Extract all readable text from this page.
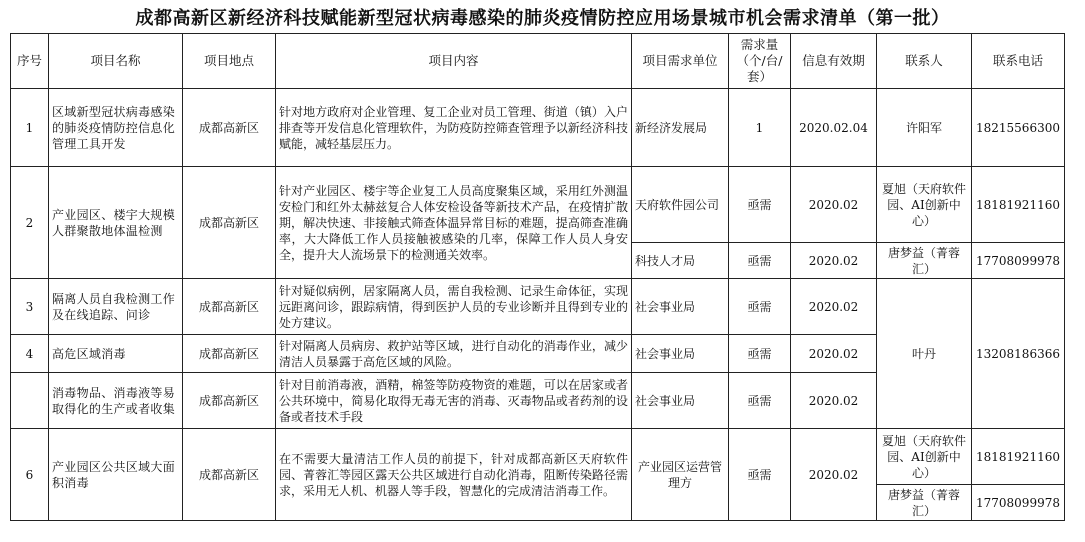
成都高新区新经济科技赋能新型冠状病毒感染的肺炎疫情防控应用场景城市机会需求清单（第一批）
序号	项目名称	项目地点	项目内容	项目需求单位	需求量（个/台/套）	信息有效期	联系人	联系电话
1	区域新型冠状病毒感染的肺炎疫情防控信息化管理工具开发	成都高新区	针对地方政府对企业管理、复工企业对员工管理、街道（镇）入户排查等开发信息化管理软件，为防疫防控筛查管理予以新经济科技赋能，减轻基层压力。	新经济发展局	1	2020.02.04	许阳军	18215566300
2	产业园区、楼宇大规模人群聚散地体温检测	成都高新区	针对产业园区、楼宇等企业复工人员高度聚集区域，采用红外测温安检门和红外太赫兹复合人体安检设备等新技术产品，在疫情扩散期，解决快速、非接触式筛查体温异常目标的难题，提高筛查准确率，大大降低工作人员接触被感染的几率，保障工作人员人身安全，提升大人流场景下的检测通关效率。	天府软件园公司	亟需	2020.02	夏旭（天府软件园、AI创新中心）	18181921160
				科技人才局	亟需	2020.02	唐梦益（菁蓉汇）	17708099978
3	隔离人员自我检测工作及在线追踪、问诊	成都高新区	针对疑似病例，居家隔离人员，需自我检测、记录生命体征，实现远距离问诊，跟踪病情，得到医护人员的专业诊断并且得到专业的处方建议。	社会事业局	亟需	2020.02	叶丹	13208186366
4	高危区域消毒	成都高新区	针对隔离人员病房、救护站等区域，进行自动化的消毒作业，减少清洁人员暴露于高危区域的风险。	社会事业局	亟需	2020.02		
	消毒物品、消毒液等易取得化的生产或者收集	成都高新区	针对目前消毒液，酒精，棉签等防疫物资的难题，可以在居家或者公共环境中，简易化取得无毒无害的消毒、灭毒物品或者药剂的设备或者技术手段	社会事业局	亟需	2020.02		
6	产业园区公共区域大面积消毒	成都高新区	在不需要大量清洁工作人员的前提下，针对成都高新区天府软件园、菁蓉汇等园区露天公共区域进行自动化消毒，阻断传染路径需求，采用无人机、机器人等手段，智慧化的完成清洁消毒工作。	产业园区运营管理方	亟需	2020.02	夏旭（天府软件园、AI创新中心）	18181921160
							唐梦益（菁蓉汇）	17708099978
